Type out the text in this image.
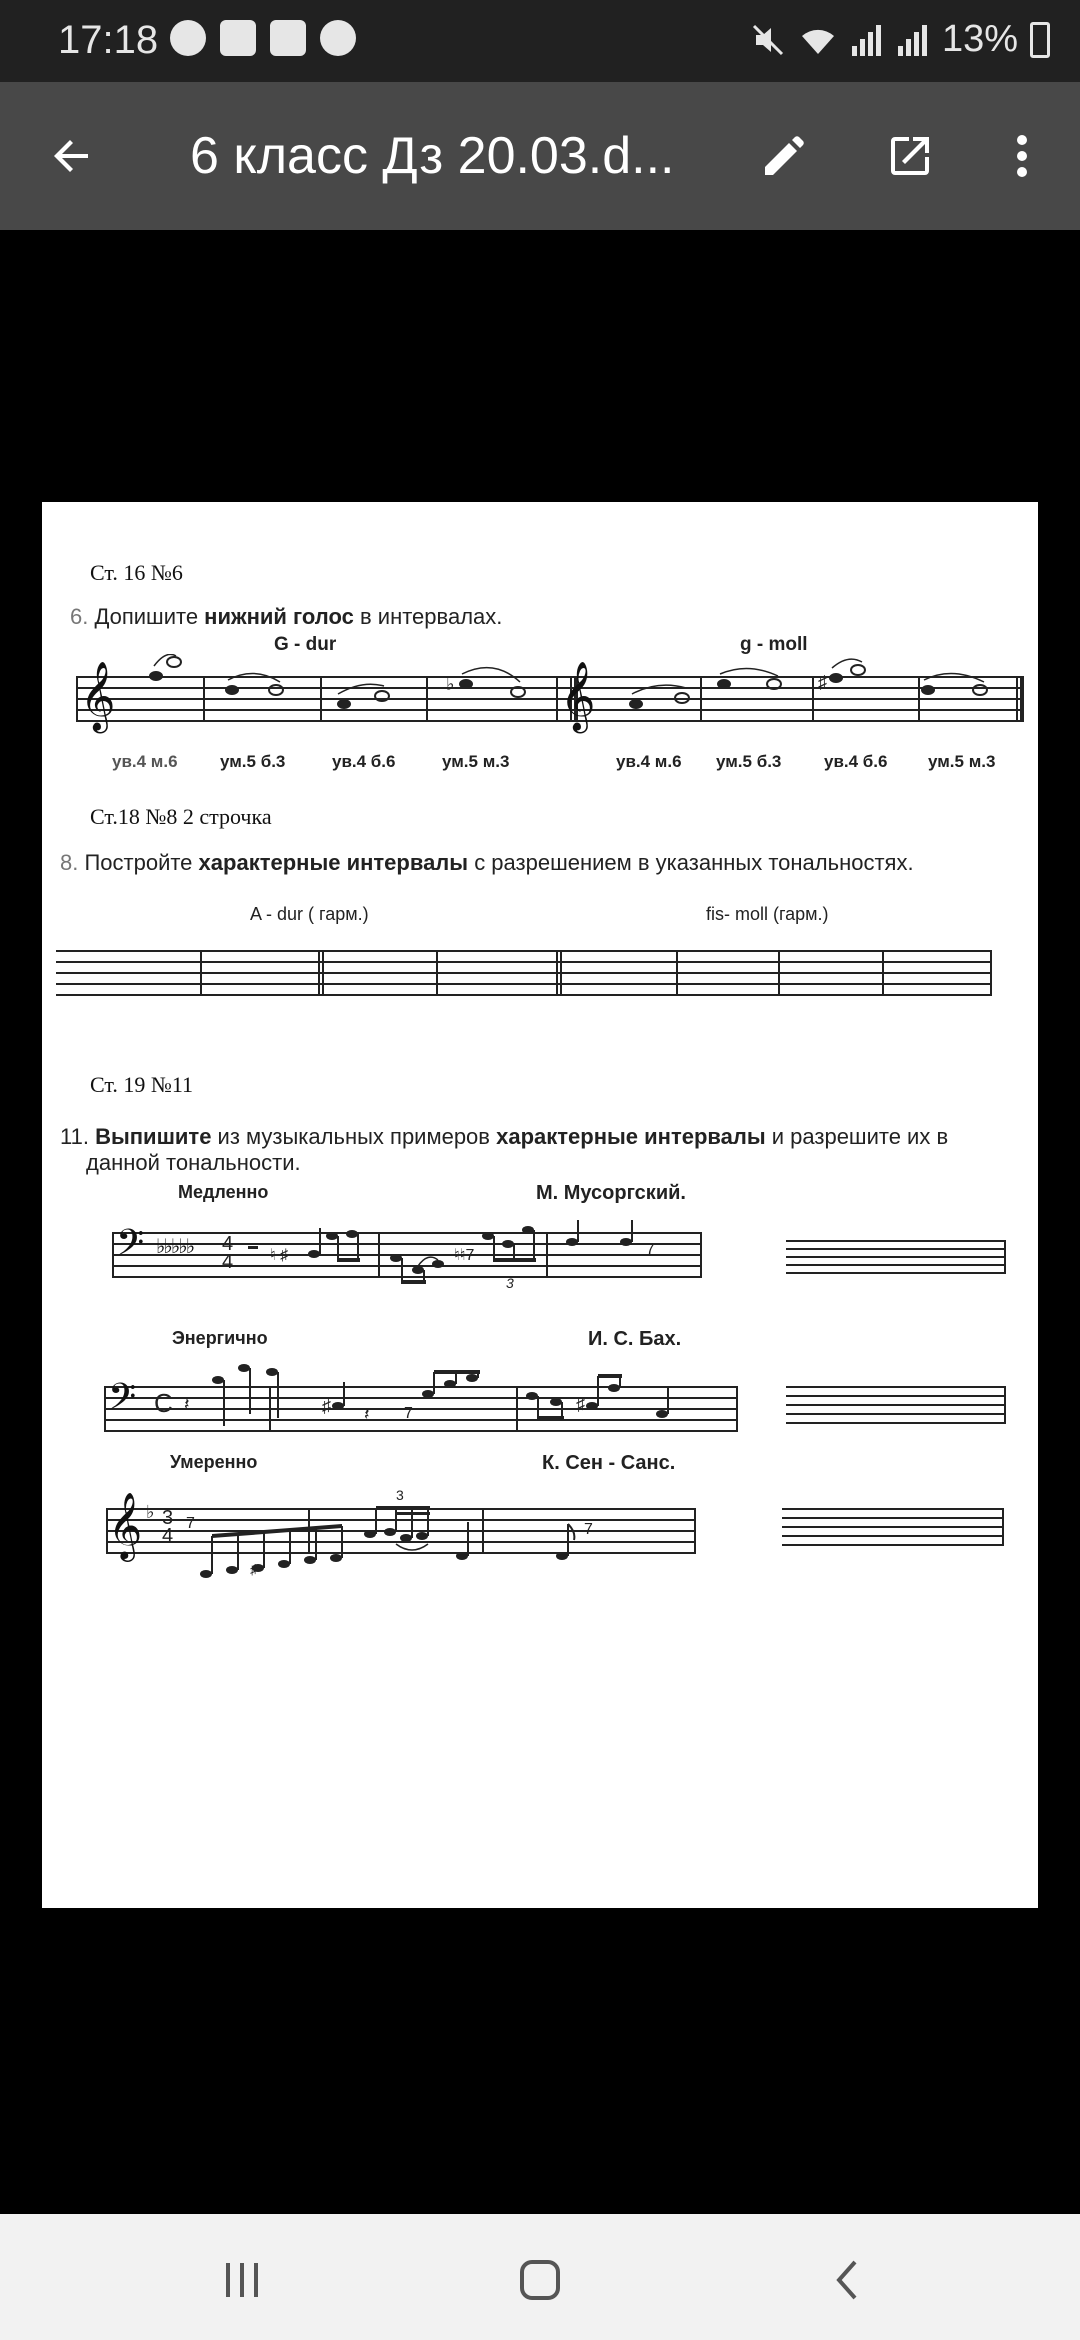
17:18	13%
6 класс Дз 20.03.d...
Ст. 16 №6
6. Допишите нижний голос в интервалах.
G - dur	g - moll
𝄞	♭ 𝄞	♯
ув.4 м.6 ум.5 б.3	ув.4 б.6	ум.5 м.3	ув.4 м.6 ум.5 б.3	ув.4 б.6 ум.5 м.3
Ст.18 №8 2 строчка
8. Постройте характерные интервалы с разрешением в указанных тональностях.
A - dur ( гарм.)	fis- moll (гарм.)
Ст. 19 №11
11. Выпишите из музыкальных примеров характерные интервалы и разрешите их в
данной тональности.
Медленно	М. Мусоргский.
𝄢 ♭♭♭♭♭ 4
4 ♮ ♯	♮♮7
3
7
Энергично	И. С. Бах.
𝄢 C 𝄽	♯ 𝄽 7	♯
Умеренно	К. Сен - Санс.
𝄞 ♭ 3
4
7
♯
3
7
